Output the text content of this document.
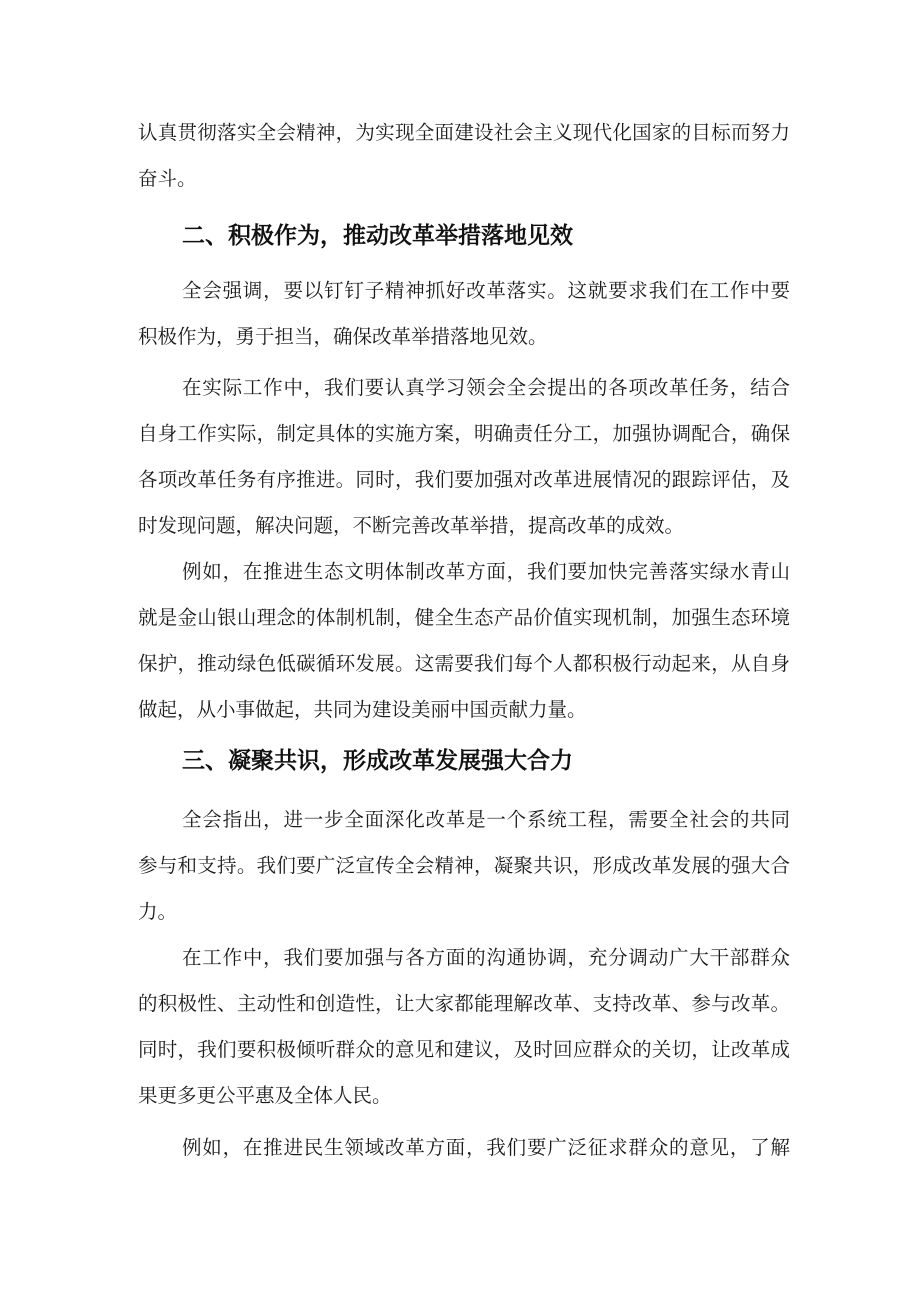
认真贯彻落实全会精神，为实现全面建设社会主义现代化国家的目标而努力
奋斗。

二、积极作为，推动改革举措落地见效

全会强调，要以钉钉子精神抓好改革落实。这就要求我们在工作中要
积极作为，勇于担当，确保改革举措落地见效。

在实际工作中，我们要认真学习领会全会提出的各项改革任务，结合
自身工作实际，制定具体的实施方案，明确责任分工，加强协调配合，确保
各项改革任务有序推进。同时，我们要加强对改革进展情况的跟踪评估，及
时发现问题，解决问题，不断完善改革举措，提高改革的成效。

例如，在推进生态文明体制改革方面，我们要加快完善落实绿水青山
就是金山银山理念的体制机制，健全生态产品价值实现机制，加强生态环境
保护，推动绿色低碳循环发展。这需要我们每个人都积极行动起来，从自身
做起，从小事做起，共同为建设美丽中国贡献力量。

三、凝聚共识，形成改革发展强大合力

全会指出，进一步全面深化改革是一个系统工程，需要全社会的共同
参与和支持。我们要广泛宣传全会精神，凝聚共识，形成改革发展的强大合
力。

在工作中，我们要加强与各方面的沟通协调，充分调动广大干部群众
的积极性、主动性和创造性，让大家都能理解改革、支持改革、参与改革。
同时，我们要积极倾听群众的意见和建议，及时回应群众的关切，让改革成
果更多更公平惠及全体人民。

例如，在推进民生领域改革方面，我们要广泛征求群众的意见，了解
